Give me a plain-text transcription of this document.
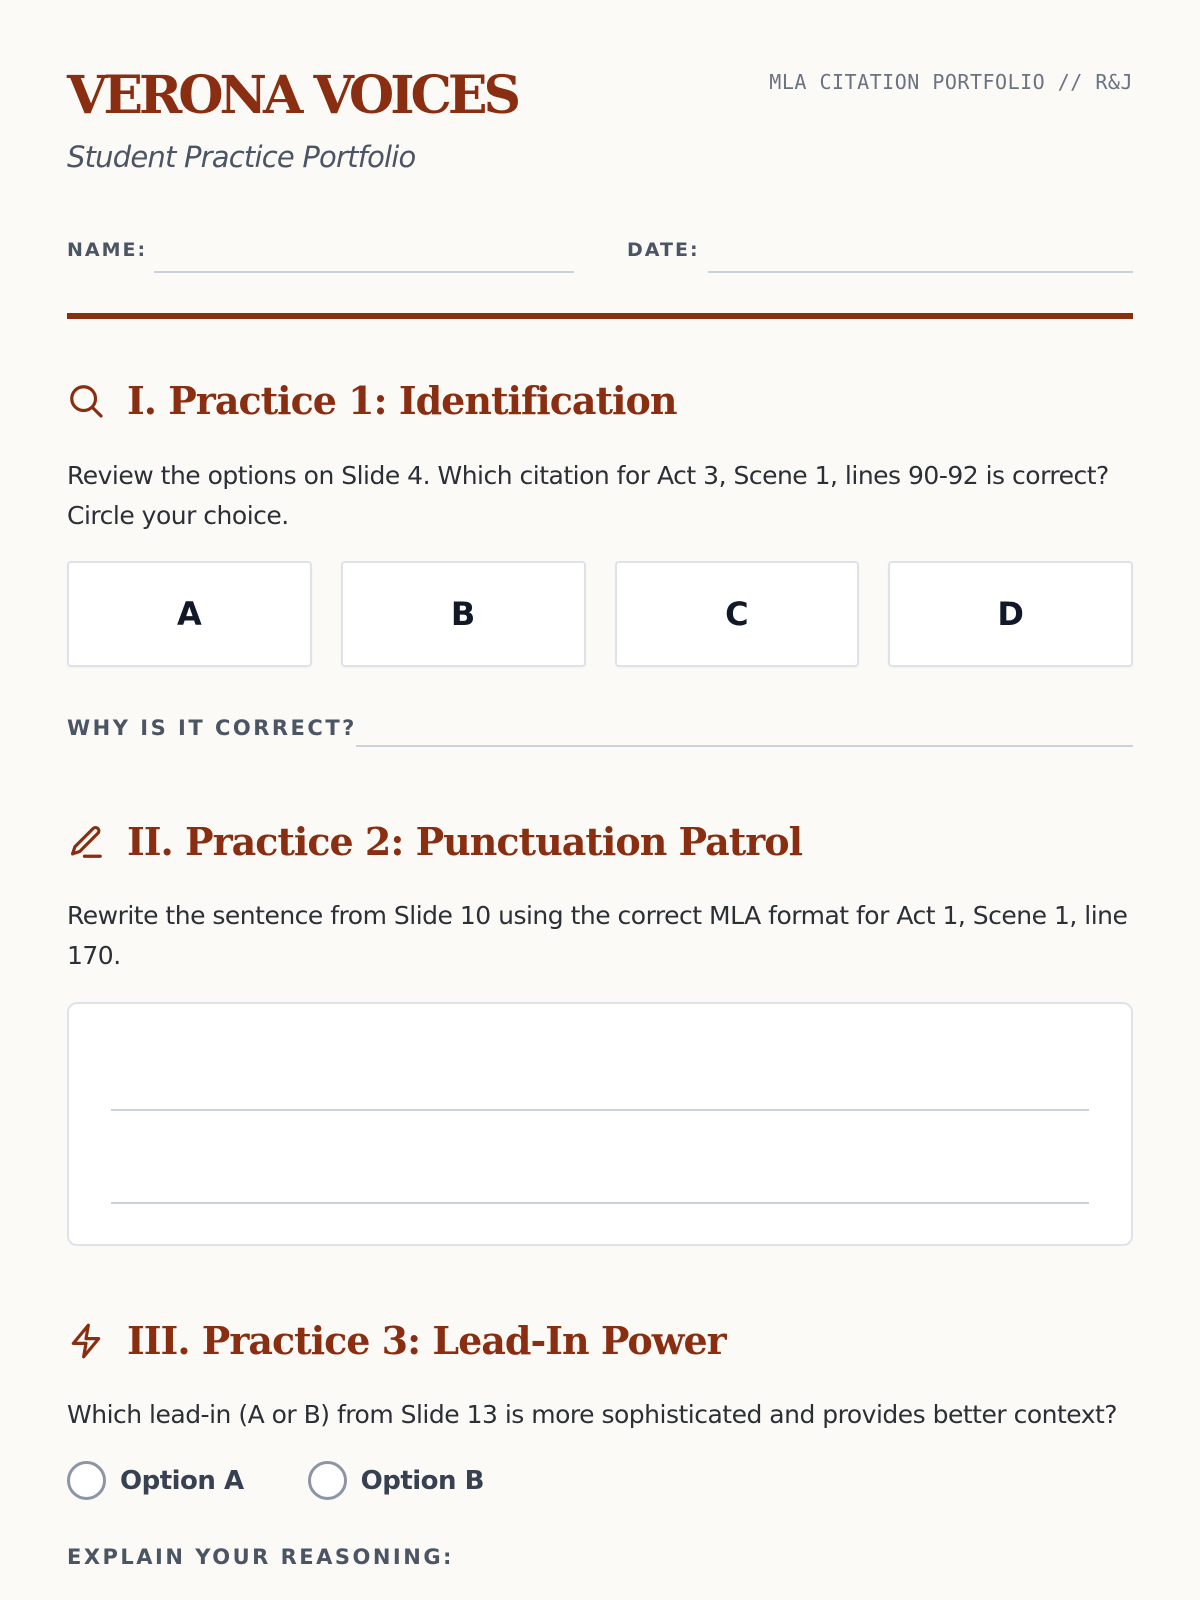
VERONA VOICES
Student Practice Portfolio
MLA CITATION PORTFOLIO // R&J
NAME:	DATE:
I. Practice 1: Identification
Review the options on Slide 4. Which citation for Act 3, Scene 1, lines 90-92 is correct? Circle your choice.
A	B	C	D
WHY IS IT CORRECT?
II. Practice 2: Punctuation Patrol
Rewrite the sentence from Slide 10 using the correct MLA format for Act 1, Scene 1, line 170.
III. Practice 3: Lead-In Power
Which lead-in (A or B) from Slide 13 is more sophisticated and provides better context?
Option A	Option B
EXPLAIN YOUR REASONING:
